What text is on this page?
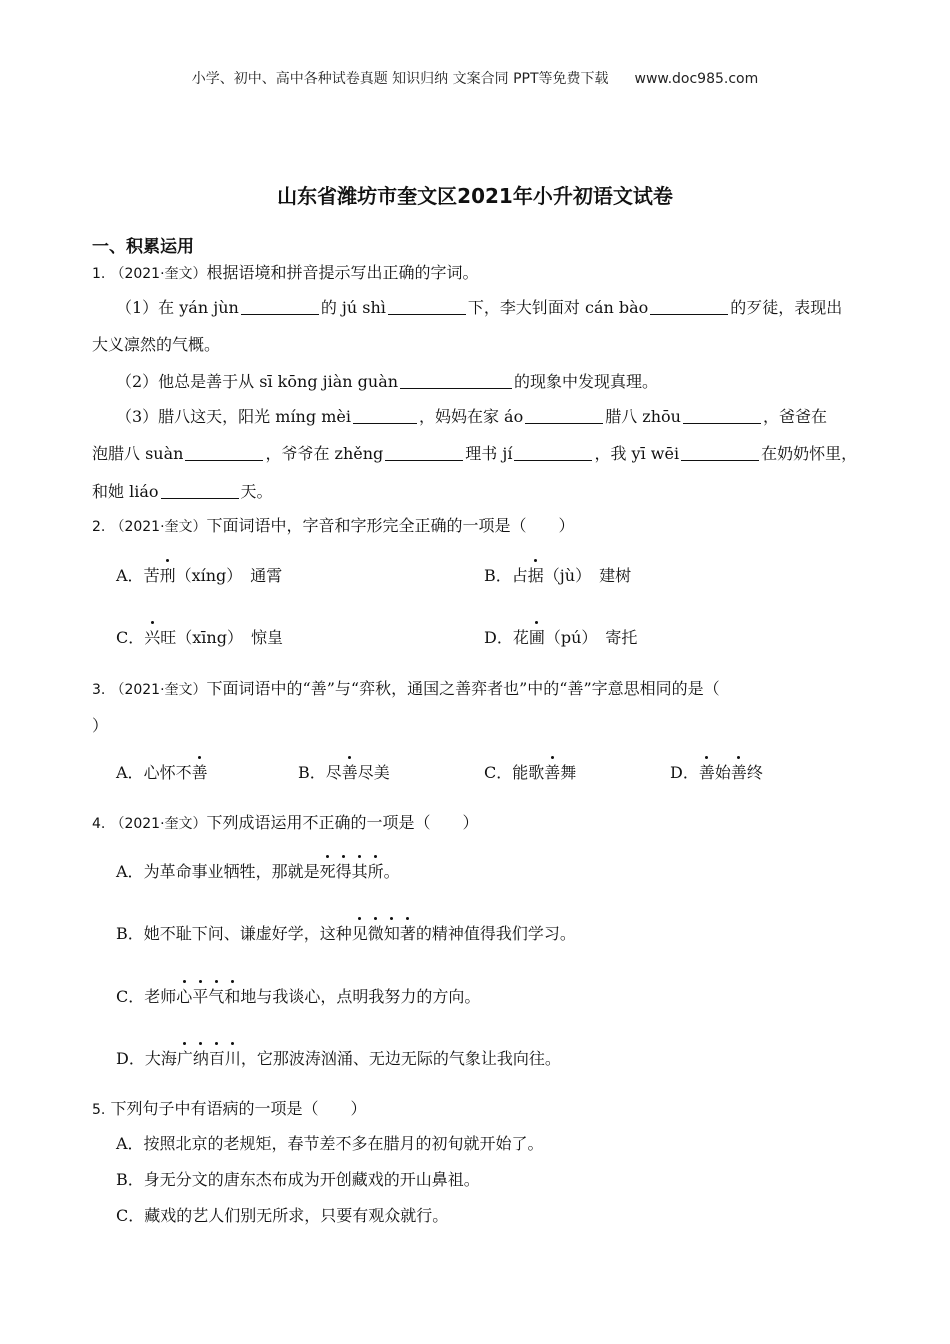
小学、初中、高中各种试卷真题 知识归纳 文案合同 PPT等免费下载 www.doc985.com
山东省潍坊市奎文区2021年小升初语文试卷
一、积累运用
1. （2021·奎文）根据语境和拼音提示写出正确的字词。
（1）在 yán jùn	的 jú shì	下，李大钊面对 cán bào	的歹徒，表现出
大义凛然的气概。
（2）他总是善于从 sī kōng jiàn guàn	的现象中发现真理。
（3）腊八这天，阳光 míng mèi	，妈妈在家 áo	腊八 zhōu	，爸爸在
泡腊八 suàn	，爷爷在 zhěng	理书 jí	，我 yī wēi	在奶奶怀里，
和她 liáo	天。
2. （2021·奎文）下面词语中，字音和字形完全正确的一项是（　　）
A．苦刑（xíng）　通霄	B．占据（jù）　建树
C．兴旺（xīng）　惊皇	D．花圃（pú）　寄托
3. （2021·奎文）下面词语中的“善”与“弈秋，通国之善弈者也”中的“善”字意思相同的是（
）
A．心怀不善	B．尽善尽美	C．能歌善舞	D．善始善终
4. （2021·奎文）下列成语运用不正确的一项是（　　）
A．为革命事业牺牲，那就是死得其所。
B．她不耻下问、谦虚好学，这种见微知著的精神值得我们学习。
C．老师心平气和地与我谈心，点明我努力的方向。
D．大海广纳百川，它那波涛汹涌、无边无际的气象让我向往。
5. 下列句子中有语病的一项是（　　）
A．按照北京的老规矩，春节差不多在腊月的初旬就开始了。
B．身无分文的唐东杰布成为开创藏戏的开山鼻祖。
C．藏戏的艺人们别无所求，只要有观众就行。
